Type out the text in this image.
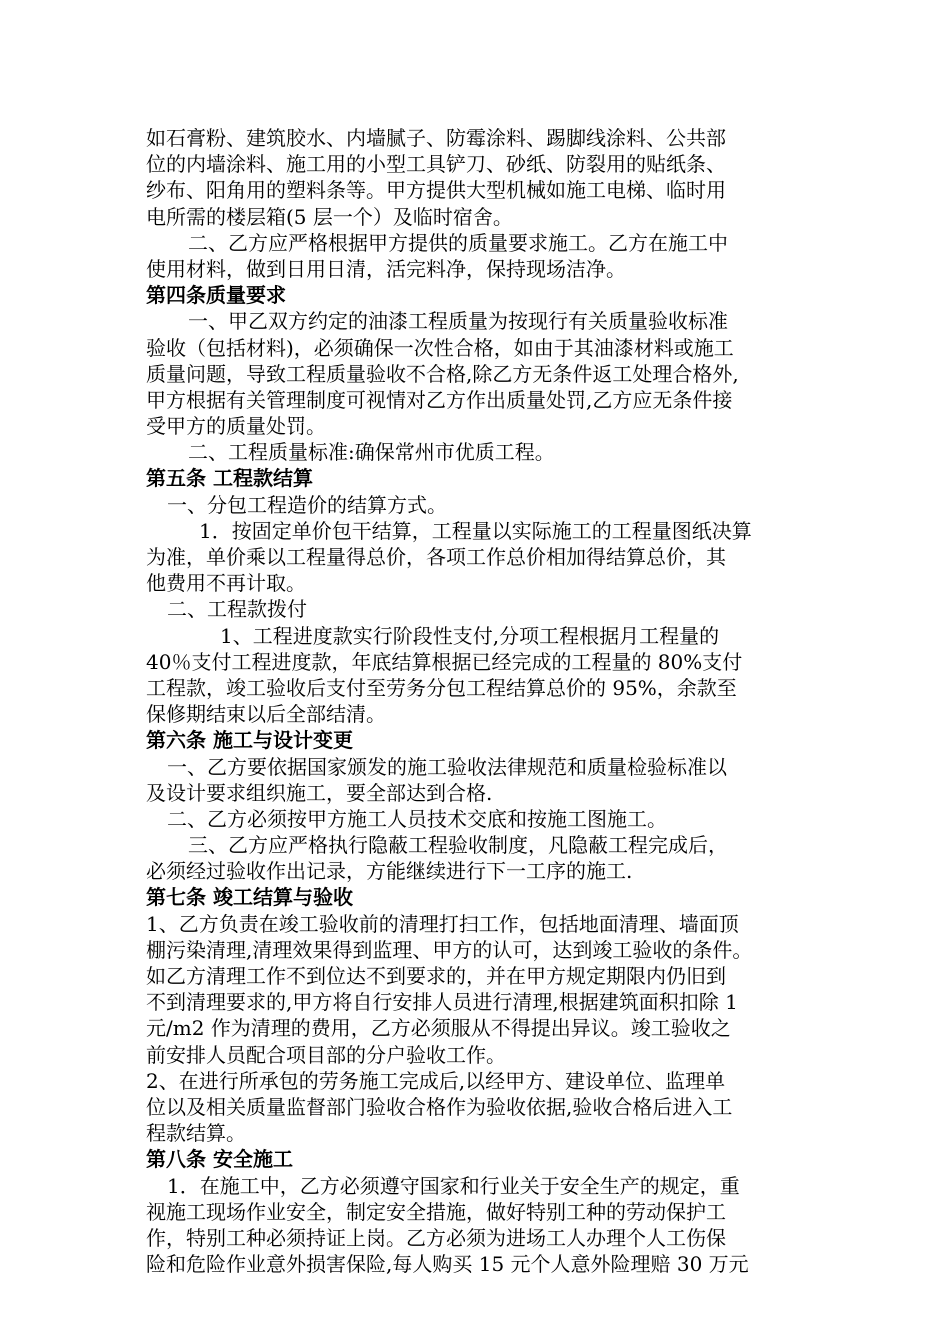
如石膏粉、建筑胶水、内墙腻子、防霉涂料、踢脚线涂料、公共部
位的内墙涂料、施工用的小型工具铲刀、砂纸、防裂用的贴纸条、
纱布、阳角用的塑料条等。甲方提供大型机械如施工电梯、临时用
电所需的楼层箱(5 层一个）及临时宿舍。
二、乙方应严格根据甲方提供的质量要求施工。乙方在施工中
使用材料，做到日用日清，活完料净，保持现场洁净。
第四条质量要求
一、甲乙双方约定的油漆工程质量为按现行有关质量验收标准
验收（包括材料)，必须确保一次性合格，如由于其油漆材料或施工
质量问题，导致工程质量验收不合格,除乙方无条件返工处理合格外,
甲方根据有关管理制度可视情对乙方作出质量处罚,乙方应无条件接
受甲方的质量处罚。
二、工程质量标准:确保常州市优质工程。
第五条 工程款结算
一、分包工程造价的结算方式。
1．按固定单价包干结算，工程量以实际施工的工程量图纸决算
为准，单价乘以工程量得总价，各项工作总价相加得结算总价，其
他费用不再计取。
二、工程款拨付
1、工程进度款实行阶段性支付,分项工程根据月工程量的
40％支付工程进度款，年底结算根据已经完成的工程量的 80%支付
工程款，竣工验收后支付至劳务分包工程结算总价的 95%，余款至
保修期结束以后全部结清。
第六条 施工与设计变更
一、乙方要依据国家颁发的施工验收法律规范和质量检验标准以
及设计要求组织施工，要全部达到合格.
二、乙方必须按甲方施工人员技术交底和按施工图施工。
三、乙方应严格执行隐蔽工程验收制度，凡隐蔽工程完成后，
必须经过验收作出记录，方能继续进行下一工序的施工.
第七条 竣工结算与验收
1、乙方负责在竣工验收前的清理打扫工作，包括地面清理、墙面顶
棚污染清理,清理效果得到监理、甲方的认可，达到竣工验收的条件。
如乙方清理工作不到位达不到要求的，并在甲方规定期限内仍旧到
不到清理要求的,甲方将自行安排人员进行清理,根据建筑面积扣除 1
元/m2 作为清理的费用，乙方必须服从不得提出异议。竣工验收之
前安排人员配合项目部的分户验收工作。
2、在进行所承包的劳务施工完成后,以经甲方、建设单位、监理单
位以及相关质量监督部门验收合格作为验收依据,验收合格后进入工
程款结算。
第八条 安全施工
1．在施工中，乙方必须遵守国家和行业关于安全生产的规定，重
视施工现场作业安全，制定安全措施，做好特别工种的劳动保护工
作，特别工种必须持证上岗。乙方必须为进场工人办理个人工伤保
险和危险作业意外损害保险,每人购买 15 元个人意外险理赔 30 万元
